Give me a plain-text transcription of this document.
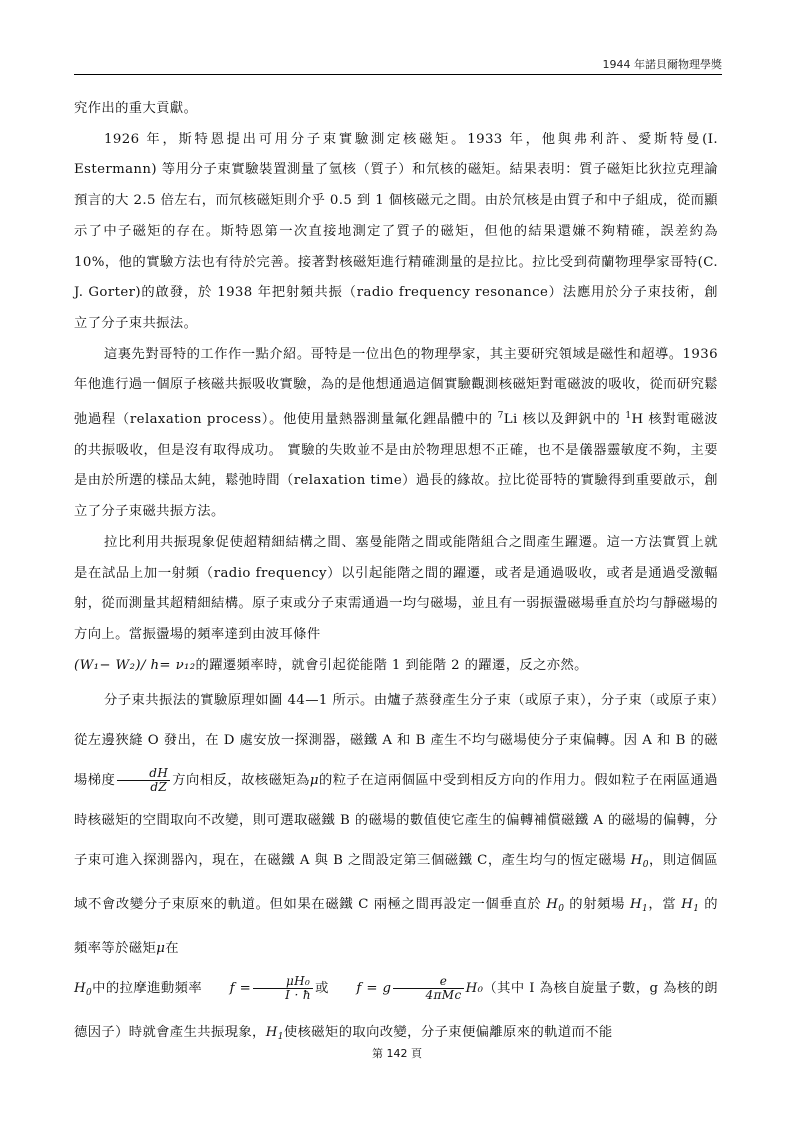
1944 年諾貝爾物理學獎

究作出的重大貢獻。

1926 年，斯特恩提出可用分子束實驗測定核磁矩。1933 年，他與弗利許、愛斯特曼(I. Estermann) 等用分子束實驗裝置測量了氫核（質子）和氘核的磁矩。結果表明：質子磁矩比狄拉克理論預言的大 2.5 倍左右，而氘核磁矩則介乎 0.5 到 1 個核磁元之間。由於氘核是由質子和中子組成，從而顯示了中子磁矩的存在。斯特恩第一次直接地測定了質子的磁矩，但他的結果還嫌不夠精確，誤差約為 10%，他的實驗方法也有待於完善。接著對核磁矩進行精確測量的是拉比。拉比受到荷蘭物理學家哥特(C. J. Gorter)的啟發，於 1938 年把射頻共振（radio frequency resonance）法應用於分子束技術，創立了分子束共振法。

這裏先對哥特的工作作一點介紹。哥特是一位出色的物理學家，其主要研究領域是磁性和超導。1936 年他進行過一個原子核磁共振吸收實驗，為的是他想通過這個實驗觀測核磁矩對電磁波的吸收，從而研究鬆弛過程（relaxation process）。他使用量熱器測量氟化鋰晶體中的 $^7$Li 核以及鉀釩中的 $^1$H 核對電磁波的共振吸收，但是沒有取得成功。 實驗的失敗並不是由於物理思想不正確，也不是儀器靈敏度不夠，主要是由於所選的樣品太純，鬆弛時間（relaxation time）過長的緣故。拉比從哥特的實驗得到重要啟示，創立了分子束磁共振方法。

拉比利用共振現象促使超精細結構之間、塞曼能階之間或能階組合之間產生躍遷。這一方法實質上就是在試品上加一射頻（radio frequency）以引起能階之間的躍遷，或者是通過吸收，或者是通過受激輻射，從而測量其超精細結構。原子束或分子束需通過一均勻磁場，並且有一弱振盪磁場垂直於均勻靜磁場的方向上。當振盪場的頻率達到由波耳條件
(W₁− W₂)/ h= ν₁₂的躍遷頻率時，就會引起從能階 1 到能階 2 的躍遷，反之亦然。

分子束共振法的實驗原理如圖 44—1 所示。由爐子蒸發產生分子束（或原子束），分子束（或原子束）從左邊狹縫 O 發出，在 D 處安放一探測器，磁鐵 A 和 B 產生不均勻磁場使分子束偏轉。因 A 和 B 的磁場梯度 $\frac{dH}{dZ}$ 方向相反，故核磁矩為μ的粒子在這兩個區中受到相反方向的作用力。假如粒子在兩區通過時核磁矩的空間取向不改變，則可選取磁鐵 B 的磁場的數值使它產生的偏轉補償磁鐵 A 的磁場的偏轉，分子束可進入探測器內，現在，在磁鐵 A 與 B 之間設定第三個磁鐵 C，產生均勻的恆定磁場 $H_0$，則這個區域不會改變分子束原來的軌道。但如果在磁鐵 C 兩極之間再設定一個垂直於 $H_0$ 的射頻場 $H_1$，當 $H_1$ 的頻率等於磁矩μ在
$H_0$中的拉摩進動頻率　　 $f = \frac{\text{μH₀}}{I \cdot ħ}$ 或　　 f = g $\frac{e}{\text{4πMc}} H_0$（其中 I 為核自旋量子數，g 為核的朗德因子）時就會產生共振現象，$H_1$使核磁矩的取向改變，分子束便偏離原來的軌道而不能

第 142 頁
